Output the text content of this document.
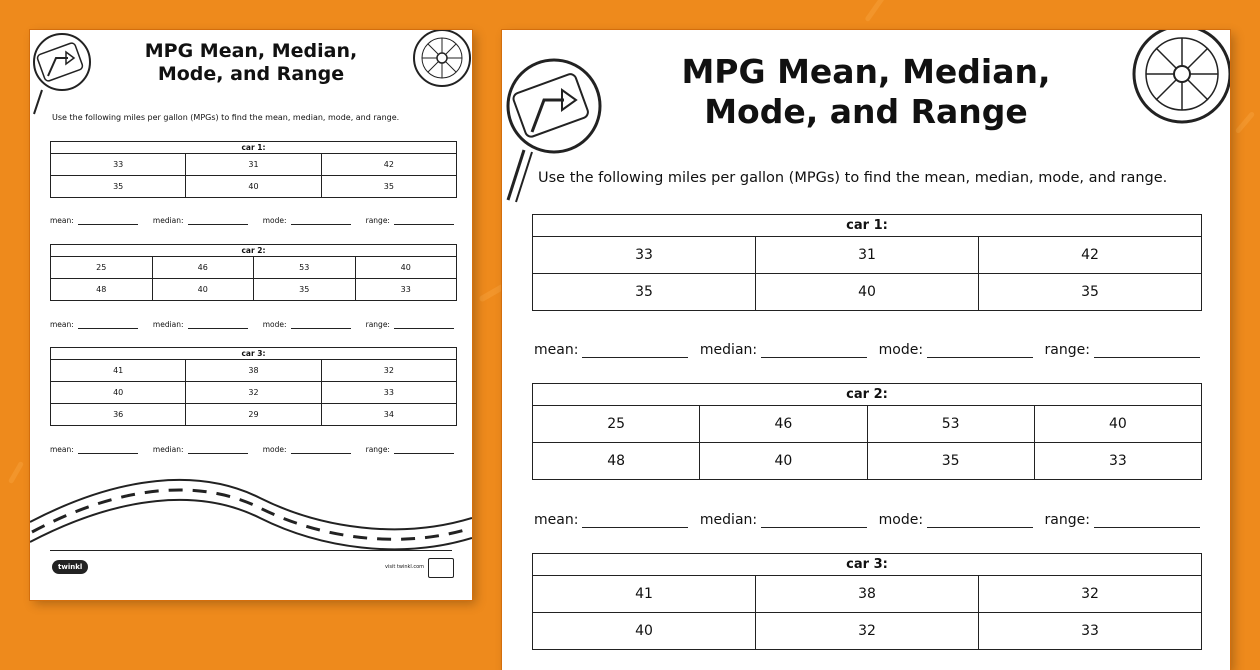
MPG Mean, Median,
Mode, and Range
Use the following miles per gallon (MPGs) to find the mean, median, mode, and range.
car 1:		
33	31	42
35	40	35
mean:	median:	mode:	range:
car 2:			
25	46	53	40
48	40	35	33
mean:	median:	mode:	range:
car 3:		
41	38	32
40	32	33
36	29	34
mean:	median:	mode:	range:
twinkl	visit twinkl.com
MPG Mean, Median,
Mode, and Range
Use the following miles per gallon (MPGs) to find the mean, median, mode, and range.
car 1:		
33	31	42
35	40	35
mean:	median:	mode:	range:
car 2:			
25	46	53	40
48	40	35	33
mean:	median:	mode:	range:
car 3:		
41	38	32
40	32	33
